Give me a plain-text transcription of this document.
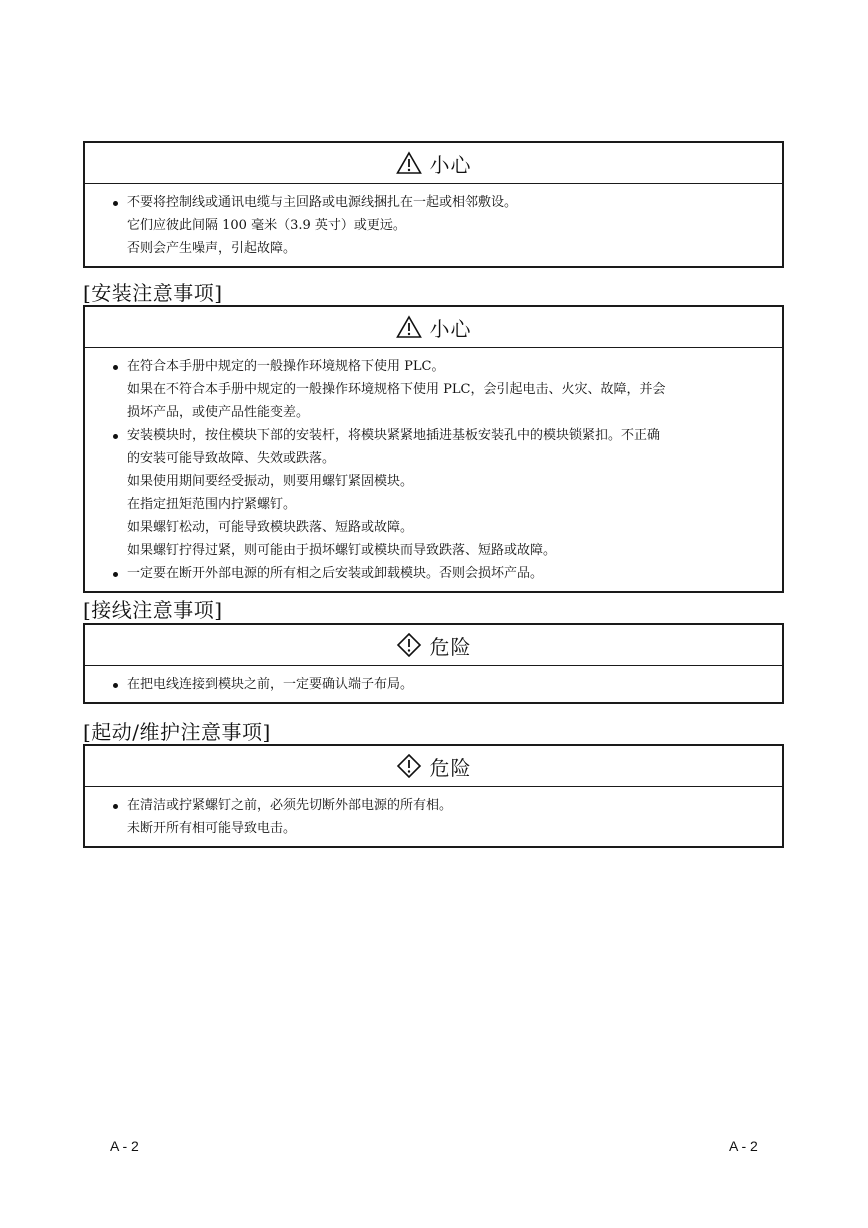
小心
不要将控制线或通讯电缆与主回路或电源线捆扎在一起或相邻敷设。
它们应彼此间隔 100 毫米（3.9 英寸）或更远。
否则会产生噪声，引起故障。
[安装注意事项]
小心
在符合本手册中规定的一般操作环境规格下使用 PLC。
如果在不符合本手册中规定的一般操作环境规格下使用 PLC，会引起电击、火灾、故障，并会
损坏产品，或使产品性能变差。
安装模块时，按住模块下部的安装杆，将模块紧紧地插进基板安装孔中的模块锁紧扣。不正确
的安装可能导致故障、失效或跌落。
如果使用期间要经受振动，则要用螺钉紧固模块。
在指定扭矩范围内拧紧螺钉。
如果螺钉松动，可能导致模块跌落、短路或故障。
如果螺钉拧得过紧，则可能由于损坏螺钉或模块而导致跌落、短路或故障。
一定要在断开外部电源的所有相之后安装或卸载模块。否则会损坏产品。
[接线注意事项]
危险
在把电线连接到模块之前，一定要确认端子布局。
[起动/维护注意事项]
危险
在清洁或拧紧螺钉之前，必须先切断外部电源的所有相。
未断开所有相可能导致电击。
A - 2	A - 2
